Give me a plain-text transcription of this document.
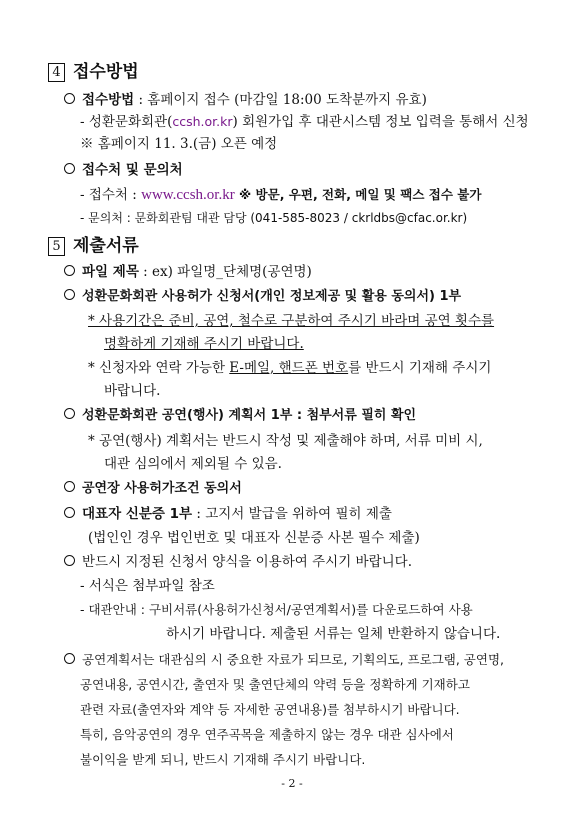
4 접수방법
접수방법 : 홈페이지 접수 (마감일 18:00 도착분까지 유효)
- 성환문화회관(ccsh.or.kr) 회원가입 후 대관시스템 정보 입력을 통해서 신청
※ 홈페이지 11. 3.(금) 오픈 예정
접수처 및 문의처
- 접수처 : www.ccsh.or.kr ※ 방문, 우편, 전화, 메일 및 팩스 접수 불가
- 문의처 : 문화회관팀 대관 담당 (041-585-8023 / ckrldbs@cfac.or.kr)
5 제출서류
파일 제목 : ex) 파일명_단체명(공연명)
성환문화회관 사용허가 신청서(개인 정보제공 및 활용 동의서) 1부
* 사용기간은 준비, 공연, 철수로 구분하여 주시기 바라며 공연 횟수를
명확하게 기재해 주시기 바랍니다.
* 신청자와 연락 가능한 E-메일, 핸드폰 번호를 반드시 기재해 주시기
바랍니다.
성환문화회관 공연(행사) 계획서 1부 : 첨부서류 필히 확인
* 공연(행사) 계획서는 반드시 작성 및 제출해야 하며, 서류 미비 시,
대관 심의에서 제외될 수 있음.
공연장 사용허가조건 동의서
대표자 신분증 1부 : 고지서 발급을 위하여 필히 제출
(법인인 경우 법인번호 및 대표자 신분증 사본 필수 제출)
반드시 지정된 신청서 양식을 이용하여 주시기 바랍니다.
- 서식은 첨부파일 참조
- 대관안내 : 구비서류(사용허가신청서/공연계획서)를 다운로드하여 사용
하시기 바랍니다. 제출된 서류는 일체 반환하지 않습니다.
공연계획서는 대관심의 시 중요한 자료가 되므로, 기획의도, 프로그램, 공연명,
공연내용, 공연시간, 출연자 및 출연단체의 약력 등을 정확하게 기재하고
관련 자료(출연자와 계약 등 자세한 공연내용)를 첨부하시기 바랍니다.
특히, 음악공연의 경우 연주곡목을 제출하지 않는 경우 대관 심사에서
불이익을 받게 되니, 반드시 기재해 주시기 바랍니다.
- 2 -
